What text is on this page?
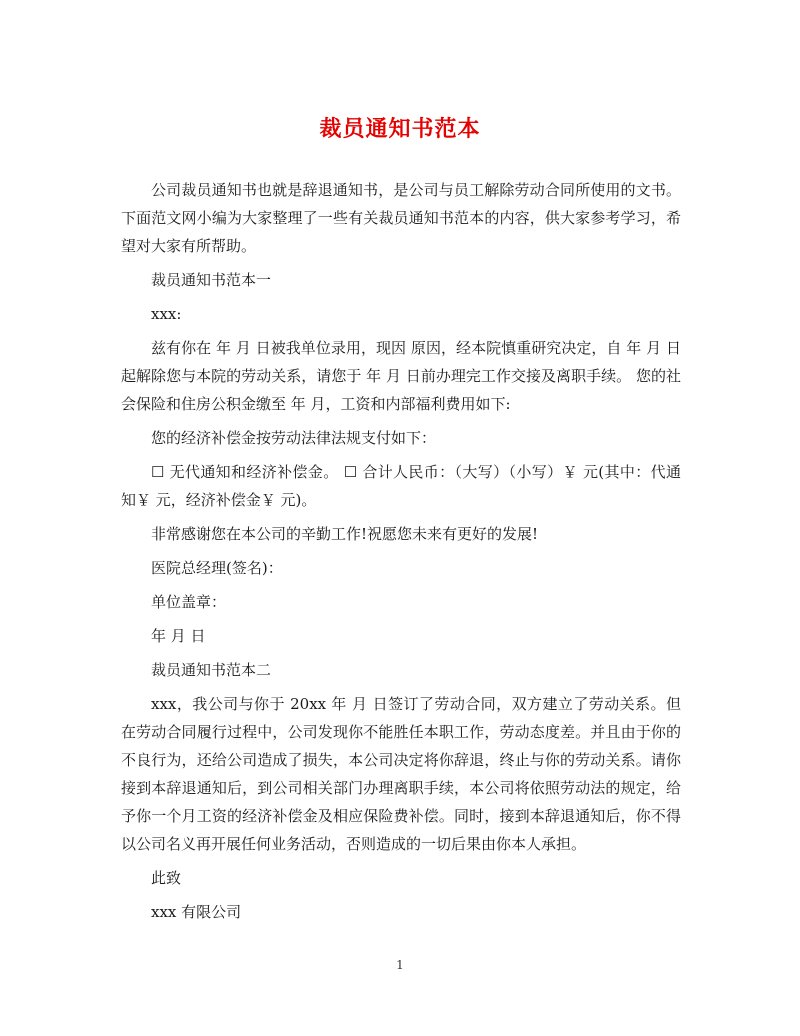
裁员通知书范本

公司裁员通知书也就是辞退通知书，是公司与员工解除劳动合同所使用的文书。下面范文网小编为大家整理了一些有关裁员通知书范本的内容，供大家参考学习，希望对大家有所帮助。

裁员通知书范本一

xxx:

兹有你在 年 月 日被我单位录用，现因 原因，经本院慎重研究决定，自 年 月 日起解除您与本院的劳动关系，请您于 年 月 日前办理完工作交接及离职手续。 您的社会保险和住房公积金缴至 年 月，工资和内部福利费用如下:

您的经济补偿金按劳动法律法规支付如下：

☐ 无代通知和经济补偿金。 ☐ 合计人民币：（大写）（小写）￥ 元(其中：代通知￥ 元，经济补偿金￥ 元)。

非常感谢您在本公司的辛勤工作!祝愿您未来有更好的发展!

医院总经理(签名)：

单位盖章：

年 月 日

裁员通知书范本二

xxx，我公司与你于 20xx 年 月 日签订了劳动合同，双方建立了劳动关系。但在劳动合同履行过程中，公司发现你不能胜任本职工作，劳动态度差。并且由于你的不良行为，还给公司造成了损失，本公司决定将你辞退，终止与你的劳动关系。请你接到本辞退通知后，到公司相关部门办理离职手续，本公司将依照劳动法的规定，给予你一个月工资的经济补偿金及相应保险费补偿。同时，接到本辞退通知后，你不得以公司名义再开展任何业务活动，否则造成的一切后果由你本人承担。

此致

xxx 有限公司

1
